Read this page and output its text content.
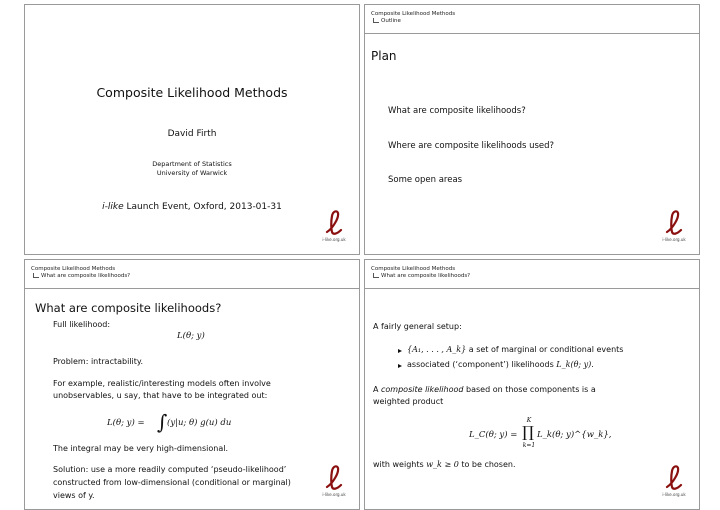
Composite Likelihood Methods
David Firth
Department of Statistics
University of Warwick
i-like Launch Event, Oxford, 2013-01-31
i-like.org.uk
Composite Likelihood Methods
Outline
Plan
What are composite likelihoods?
Where are composite likelihoods used?
Some open areas
i-like.org.uk
Composite Likelihood Methods
What are composite likelihoods?
What are composite likelihoods?
Full likelihood:
L(θ; y)
Problem: intractability.
For example, realistic/interesting models often involve
unobservables, u say, that have to be integrated out:
L(θ; y) = ∫ (y|u; θ) g(u) du
The integral may be very high-dimensional.
Solution: use a more readily computed ‘pseudo-likelihood’
constructed from low-dimensional (conditional or marginal)
views of y.	i-like.org.uk
Composite Likelihood Methods
What are composite likelihoods?
A fairly general setup:
{A₁, . . . , A_k} a set of marginal or conditional events
associated (‘component’) likelihoods L_k(θ; y).
A composite likelihood based on those components is a
weighted product
L_C(θ; y) =
K
∏
k=1
L_k(θ; y)^{w_k},
with weights w_k ≥ 0 to be chosen.
i-like.org.uk
